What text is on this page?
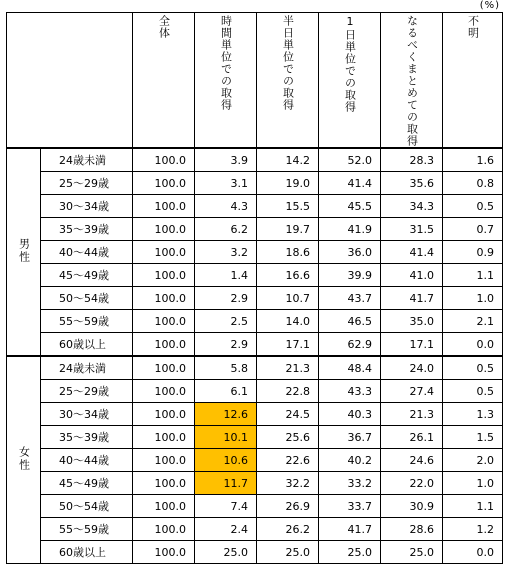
(%)

		全体	時間単位での取得	半日単位での取得	1日単位での取得	なるべくまとめての取得	不明

男性	24歳未満	100.0	3.9	14.2	52.0	28.3	1.6
	25～29歳	100.0	3.1	19.0	41.4	35.6	0.8
	30～34歳	100.0	4.3	15.5	45.5	34.3	0.5
	35～39歳	100.0	6.2	19.7	41.9	31.5	0.7
	40～44歳	100.0	3.2	18.6	36.0	41.4	0.9
	45～49歳	100.0	1.4	16.6	39.9	41.0	1.1
	50～54歳	100.0	2.9	10.7	43.7	41.7	1.0
	55～59歳	100.0	2.5	14.0	46.5	35.0	2.1
	60歳以上	100.0	2.9	17.1	62.9	17.1	0.0
女性	24歳未満	100.0	5.8	21.3	48.4	24.0	0.5
	25～29歳	100.0	6.1	22.8	43.3	27.4	0.5
	30～34歳	100.0	12.6	24.5	40.3	21.3	1.3
	35～39歳	100.0	10.1	25.6	36.7	26.1	1.5
	40～44歳	100.0	10.6	22.6	40.2	24.6	2.0
	45～49歳	100.0	11.7	32.2	33.2	22.0	1.0
	50～54歳	100.0	7.4	26.9	33.7	30.9	1.1
	55～59歳	100.0	2.4	26.2	41.7	28.6	1.2
	60歳以上	100.0	25.0	25.0	25.0	25.0	0.0
